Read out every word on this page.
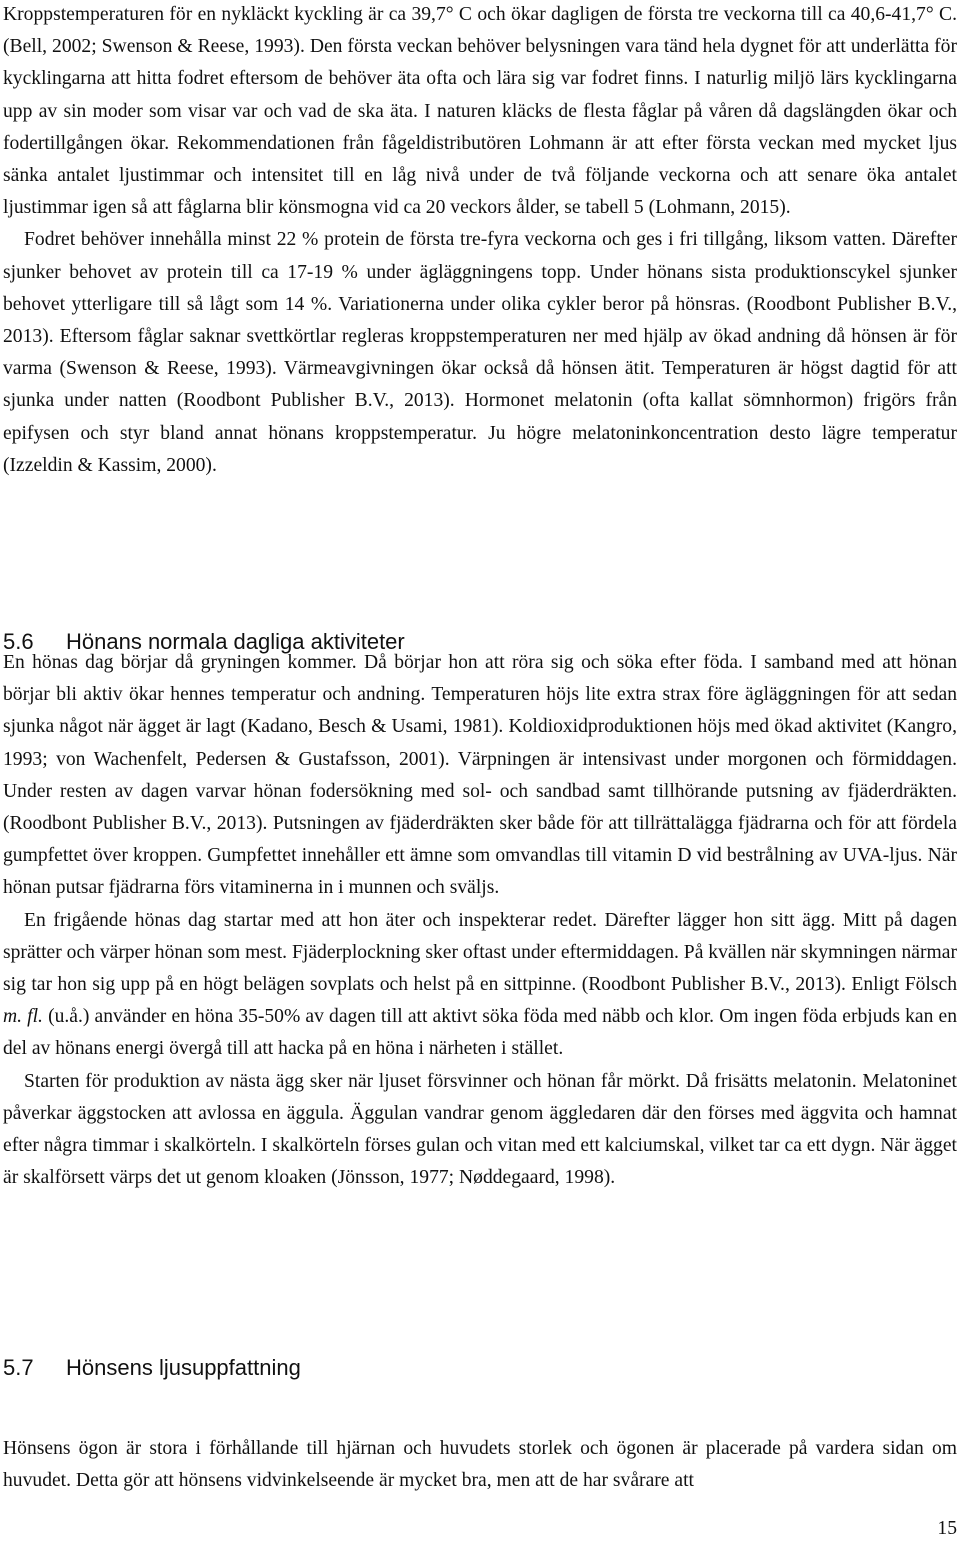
Kroppstemperaturen för en nykläckt kyckling är ca 39,7° C och ökar dagligen de första tre veckorna till ca 40,6-41,7° C. (Bell, 2002; Swenson & Reese, 1993). Den första veckan behöver belysningen vara tänd hela dygnet för att underlätta för kycklingarna att hitta fodret eftersom de behöver äta ofta och lära sig var fodret finns. I naturlig miljö lärs kycklingarna upp av sin moder som visar var och vad de ska äta. I naturen kläcks de flesta fåglar på våren då dagslängden ökar och fodertillgången ökar. Rekommendationen från fågeldistributören Lohmann är att efter första veckan med mycket ljus sänka antalet ljustimmar och intensitet till en låg nivå under de två följande veckorna och att senare öka antalet ljustimmar igen så att fåglarna blir könsmogna vid ca 20 veckors ålder, se tabell 5 (Lohmann, 2015).

Fodret behöver innehålla minst 22 % protein de första tre-fyra veckorna och ges i fri tillgång, liksom vatten. Därefter sjunker behovet av protein till ca 17-19 % under ägläggningens topp. Under hönans sista produktionscykel sjunker behovet ytterligare till så lågt som 14 %. Variationerna under olika cykler beror på hönsras. (Roodbont Publisher B.V., 2013). Eftersom fåglar saknar svettkörtlar regleras kroppstemperaturen ner med hjälp av ökad andning då hönsen är för varma (Swenson & Reese, 1993). Värmeavgivningen ökar också då hönsen ätit. Temperaturen är högst dagtid för att sjunka under natten (Roodbont Publisher B.V., 2013). Hormonet melatonin (ofta kallat sömnhormon) frigörs från epifysen och styr bland annat hönans kroppstemperatur. Ju högre melatoninkoncentration desto lägre temperatur (Izzeldin & Kassim, 2000).

5.6 Hönans normala dagliga aktiviteter
En hönas dag börjar då gryningen kommer. Då börjar hon att röra sig och söka efter föda. I samband med att hönan börjar bli aktiv ökar hennes temperatur och andning. Temperaturen höjs lite extra strax före ägläggningen för att sedan sjunka något när ägget är lagt (Kadano, Besch & Usami, 1981). Koldioxidproduktionen höjs med ökad aktivitet (Kangro, 1993; von Wachenfelt, Pedersen & Gustafsson, 2001). Värpningen är intensivast under morgonen och förmiddagen. Under resten av dagen varvar hönan fodersökning med sol- och sandbad samt tillhörande putsning av fjäderdräkten. (Roodbont Publisher B.V., 2013). Putsningen av fjäderdräkten sker både för att tillrättalägga fjädrarna och för att fördela gumpfettet över kroppen. Gumpfettet innehåller ett ämne som omvandlas till vitamin D vid bestrålning av UVA-ljus. När hönan putsar fjädrarna förs vitaminerna in i munnen och sväljs.
En frigående hönas dag startar med att hon äter och inspekterar redet. Därefter lägger hon sitt ägg. Mitt på dagen sprätter och värper hönan som mest. Fjäderplockning sker oftast under eftermiddagen. På kvällen när skymningen närmar sig tar hon sig upp på en högt belägen sovplats och helst på en sittpinne. (Roodbont Publisher B.V., 2013). Enligt Fölsch m. fl. (u.å.) använder en höna 35-50% av dagen till att aktivt söka föda med näbb och klor. Om ingen föda erbjuds kan en del av hönans energi övergå till att hacka på en höna i närheten i stället.
Starten för produktion av nästa ägg sker när ljuset försvinner och hönan får mörkt. Då frisätts melatonin. Melatoninet påverkar äggstocken att avlossa en äggula. Äggulan vandrar genom äggledaren där den förses med äggvita och hamnat efter några timmar i skalkörteln. I skalkörteln förses gulan och vitan med ett kalciumskal, vilket tar ca ett dygn. När ägget är skalförsett värps det ut genom kloaken (Jönsson, 1977; Nøddegaard, 1998).
5.7 Hönsens ljusuppfattning

Hönsens ögon är stora i förhållande till hjärnan och huvudets storlek och ögonen är placerade på vardera sidan om huvudet. Detta gör att hönsens vidvinkelseende är mycket bra, men att de har svårare att

15
